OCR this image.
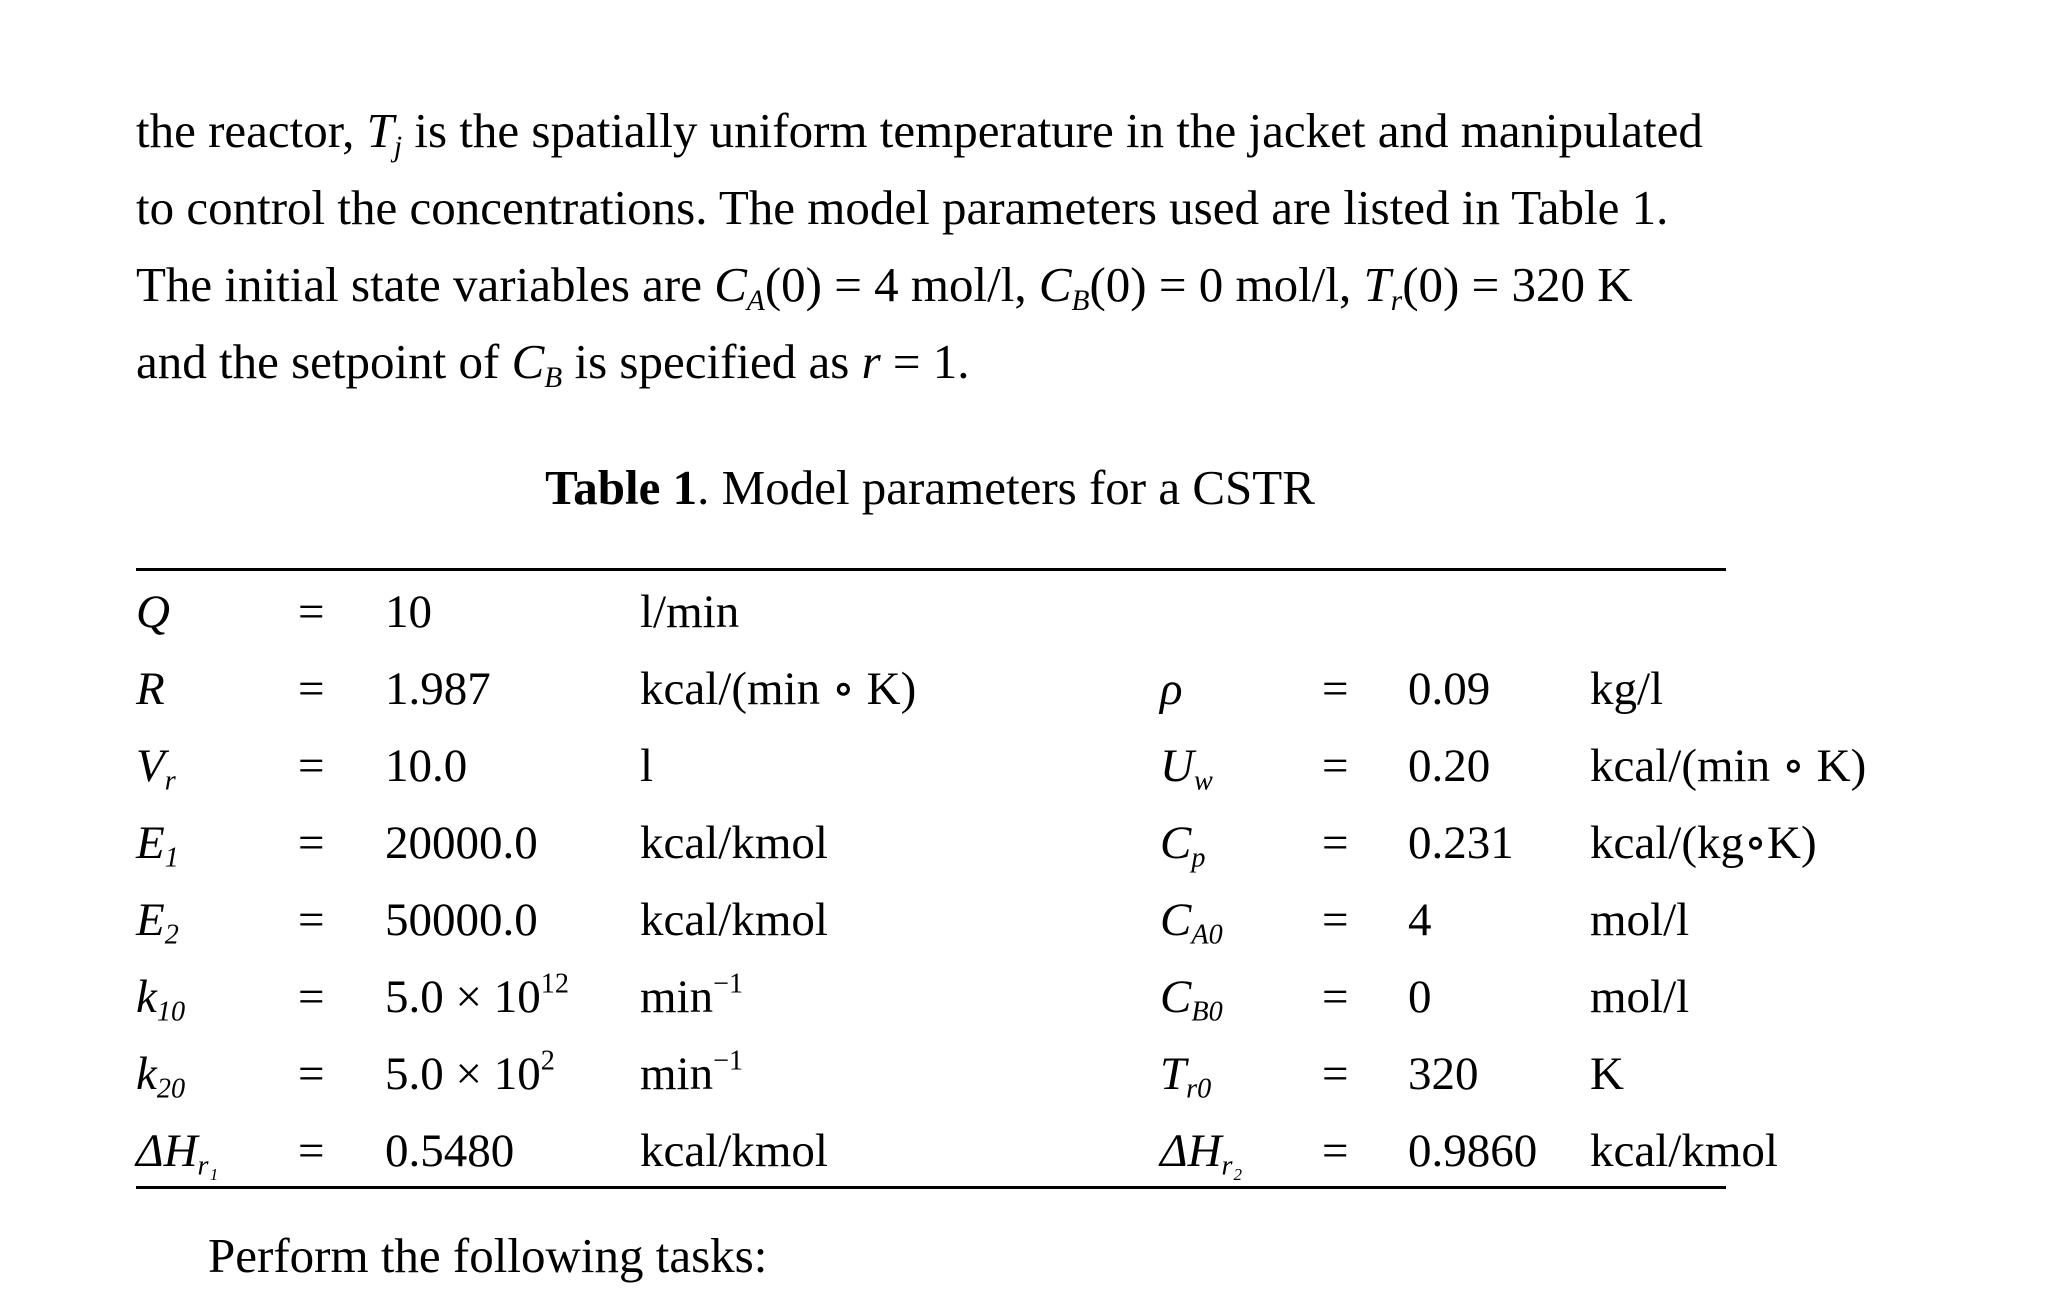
the reactor, $T_j$ is the spatially uniform temperature in the jacket and manipulated
to control the concentrations. The model parameters used are listed in Table 1.
The initial state variables are $C_A(0) = 4$ mol/l, $C_B(0) = 0$ mol/l, $T_r(0) = 320$ K
and the setpoint of $C_B$ is specified as r = 1.
Table 1. Model parameters for a CSTR
Q	= 10	l/min
R	= 1.987	kcal/(min ∘ K)	ρ	= 0.09 kg/l
$V_r$	= 10.0	l	$U_w = 0.20$ kcal/(min ∘ K)
$E_1$	= 20000.0 kcal/kmol	$C_p = 0.231$ kcal/(kg∘K)
$E_2$	= 50000.0 kcal/kmol	$C_{A0} = 4$	mol/l
$k_{10} = 5.0 \times 10^{12}$ $\min^{-1}$	$C_{B0} = 0$	mol/l
$k_{20} = 5.0 \times 10^2$ $\min^{-1}$	$T_{r0} = 320$ K
$\Delta H_{r_1} = 0.5480$	kcal/kmol	$\Delta H_{r_2} = 0.9860$ kcal/kmol
Perform the following tasks:
